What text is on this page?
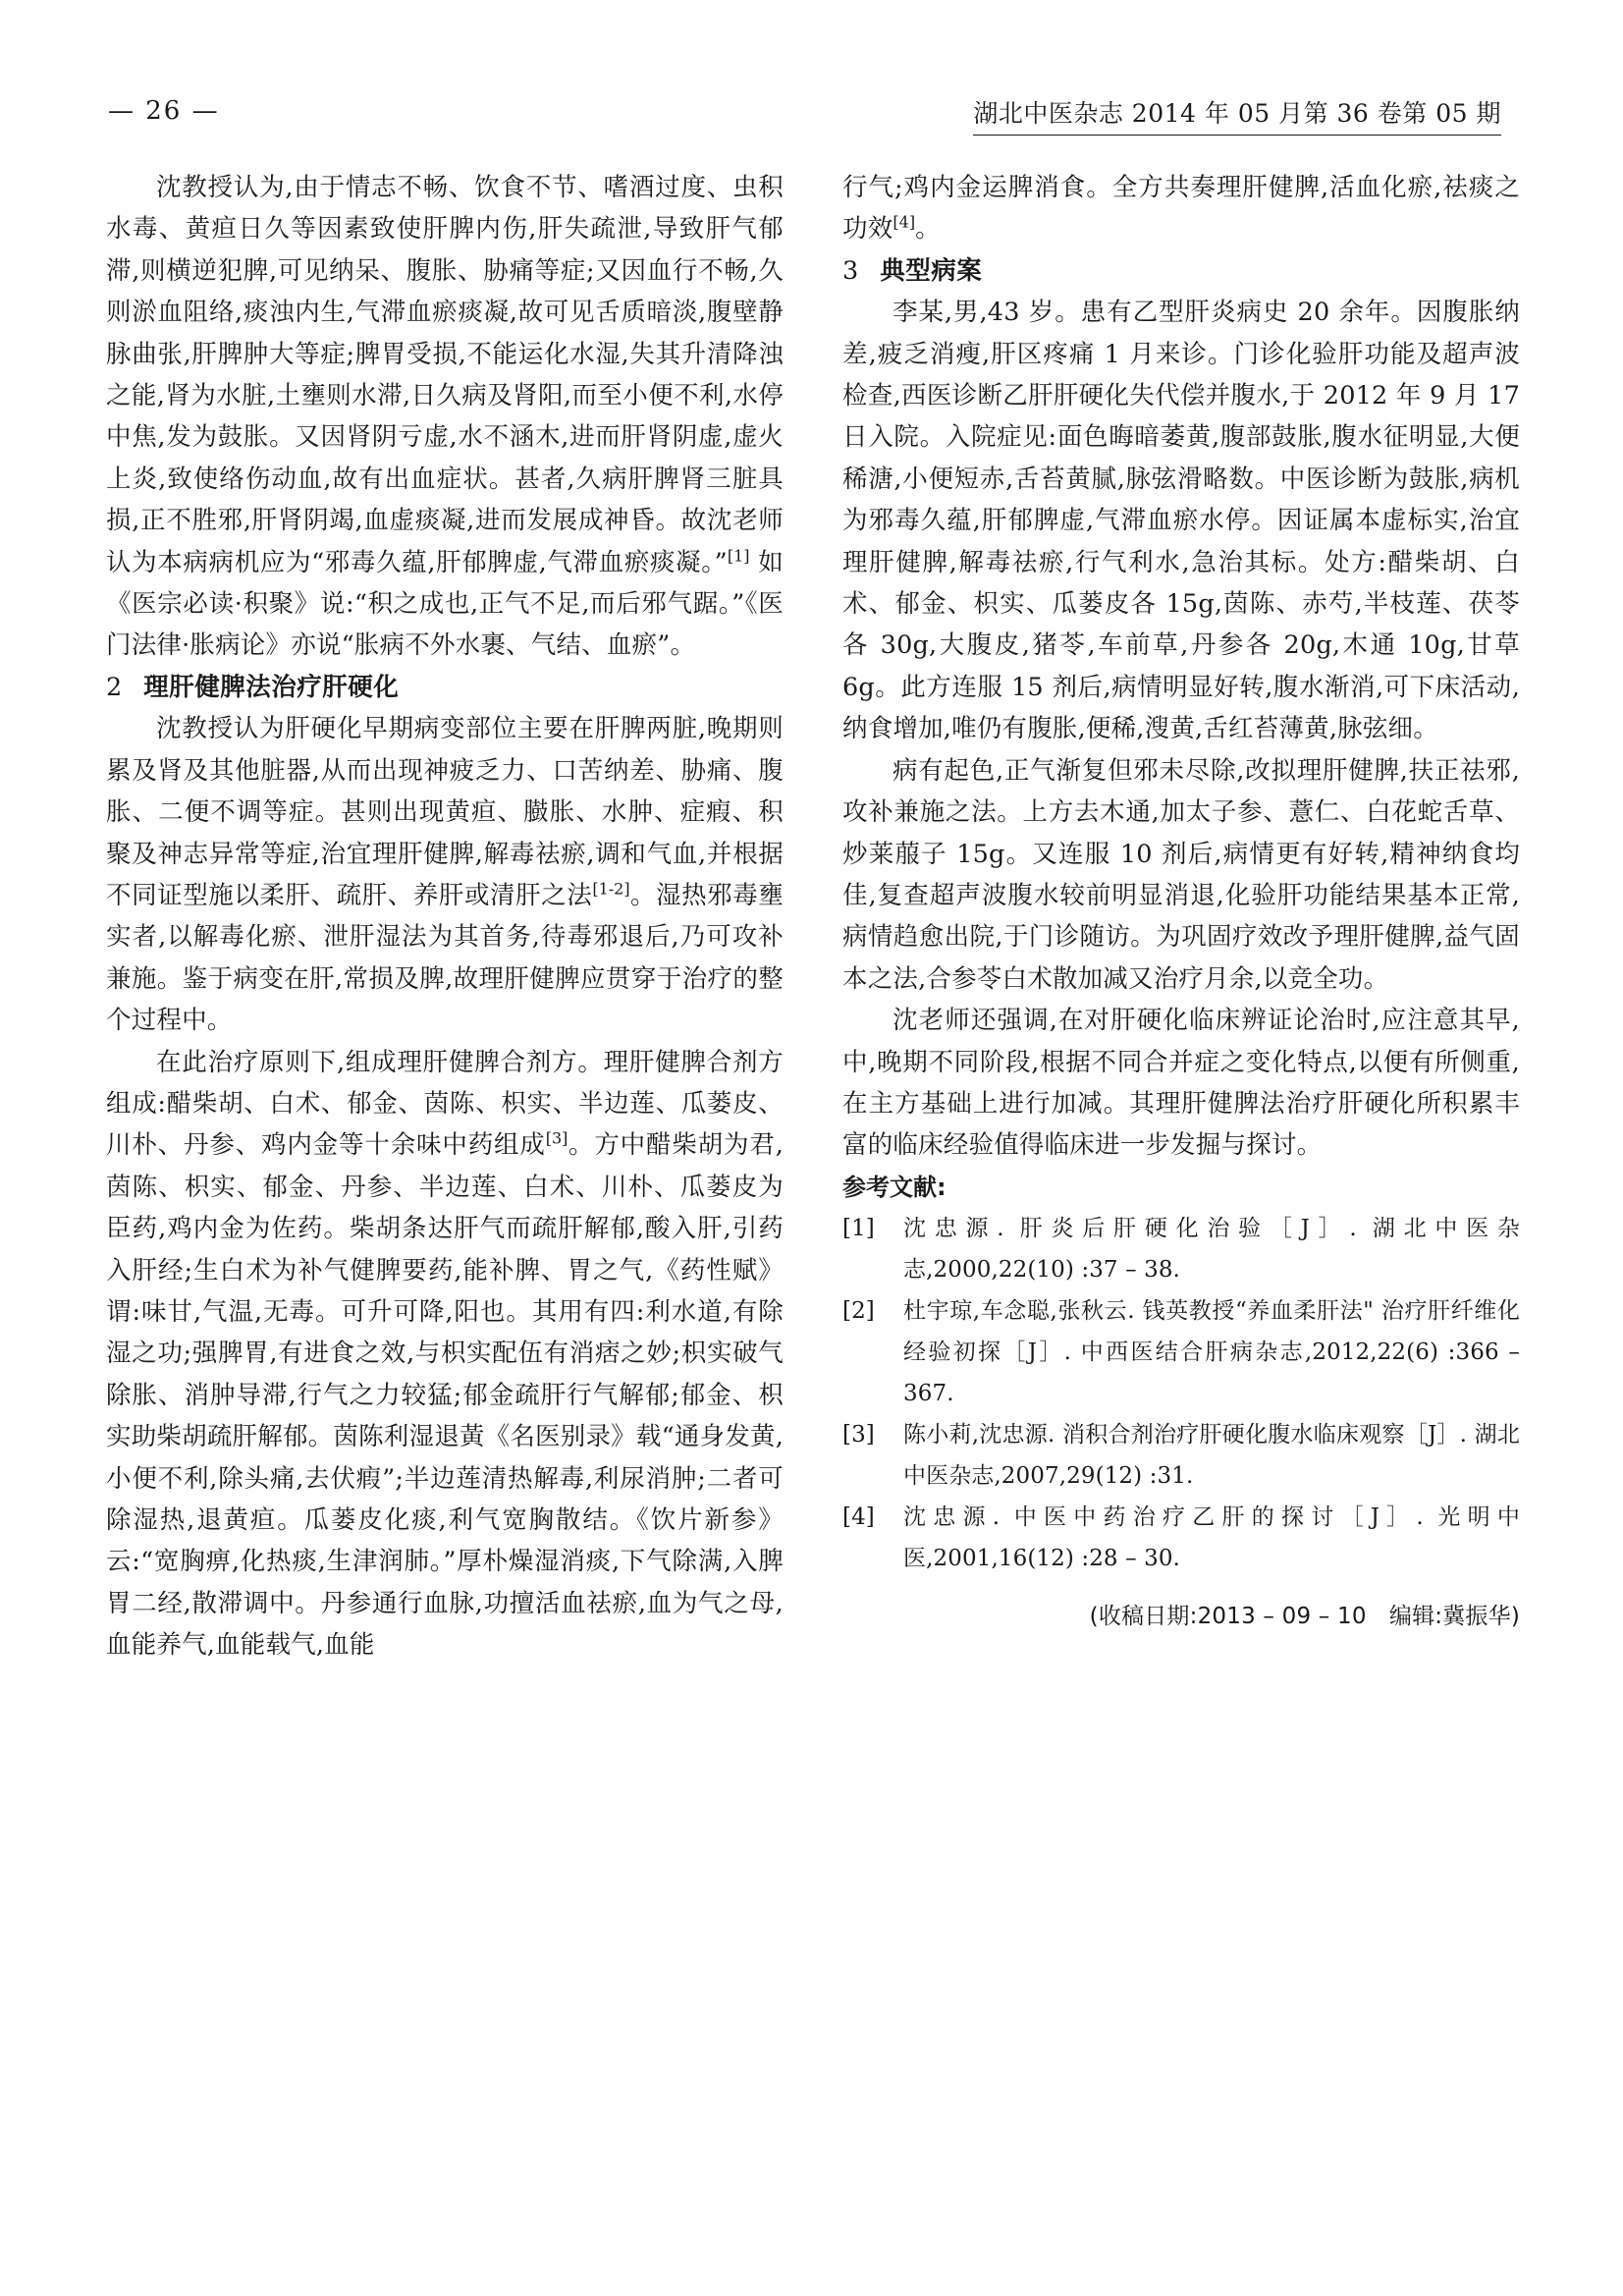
— 26 —	湖北中医杂志 2014 年 05 月第 36 卷第 05 期

沈教授认为,由于情志不畅、饮食不节、嗜酒过度、虫积水毒、黄疸日久等因素致使肝脾内伤,肝失疏泄,导致肝气郁滞,则横逆犯脾,可见纳呆、腹胀、胁痛等症;又因血行不畅,久则淤血阻络,痰浊内生,气滞血瘀痰凝,故可见舌质暗淡,腹壁静脉曲张,肝脾肿大等症;脾胃受损,不能运化水湿,失其升清降浊之能,肾为水脏,土壅则水滞,日久病及肾阳,而至小便不利,水停中焦,发为鼓胀。又因肾阴亏虚,水不涵木,进而肝肾阴虚,虚火上炎,致使络伤动血,故有出血症状。甚者,久病肝脾肾三脏具损,正不胜邪,肝肾阴竭,血虚痰凝,进而发展成神昏。故沈老师认为本病病机应为“邪毒久蕴,肝郁脾虚,气滞血瘀痰凝。”[1] 如《医宗必读·积聚》说:“积之成也,正气不足,而后邪气踞。”《医门法律·胀病论》亦说“胀病不外水裹、气结、血瘀”。

2 理肝健脾法治疗肝硬化

沈教授认为肝硬化早期病变部位主要在肝脾两脏,晚期则累及肾及其他脏器,从而出现神疲乏力、口苦纳差、胁痛、腹胀、二便不调等症。甚则出现黄疸、臌胀、水肿、症瘕、积聚及神志异常等症,治宜理肝健脾,解毒祛瘀,调和气血,并根据不同证型施以柔肝、疏肝、养肝或清肝之法[1-2]。湿热邪毒壅实者,以解毒化瘀、泄肝湿法为其首务,待毒邪退后,乃可攻补兼施。鉴于病变在肝,常损及脾,故理肝健脾应贯穿于治疗的整个过程中。

在此治疗原则下,组成理肝健脾合剂方。理肝健脾合剂方组成:醋柴胡、白术、郁金、茵陈、枳实、半边莲、瓜蒌皮、川朴、丹参、鸡内金等十余味中药组成[3]。方中醋柴胡为君,茵陈、枳实、郁金、丹参、半边莲、白术、川朴、瓜蒌皮为臣药,鸡内金为佐药。柴胡条达肝气而疏肝解郁,酸入肝,引药入肝经;生白术为补气健脾要药,能补脾、胃之气,《药性赋》谓:味甘,气温,无毒。可升可降,阳也。其用有四:利水道,有除湿之功;强脾胃,有进食之效,与枳实配伍有消痞之妙;枳实破气除胀、消肿导滞,行气之力较猛;郁金疏肝行气解郁;郁金、枳实助柴胡疏肝解郁。茵陈利湿退黃《名医别录》载“通身发黄,小便不利,除头痛,去伏瘕”;半边莲清热解毒,利尿消肿;二者可除湿热,退黄疸。瓜蒌皮化痰,利气宽胸散结。《饮片新参》云:“宽胸痹,化热痰,生津润肺。”厚朴燥湿消痰,下气除满,入脾胃二经,散滞调中。丹参通行血脉,功擅活血祛瘀,血为气之母,血能养气,血能载气,血能

行气;鸡内金运脾消食。全方共奏理肝健脾,活血化瘀,祛痰之功效[4]。

3 典型病案

李某,男,43 岁。患有乙型肝炎病史 20 余年。因腹胀纳差,疲乏消瘦,肝区疼痛 1 月来诊。门诊化验肝功能及超声波检查,西医诊断乙肝肝硬化失代偿并腹水,于 2012 年 9 月 17 日入院。入院症见:面色晦暗萎黄,腹部鼓胀,腹水征明显,大便稀溏,小便短赤,舌苔黄腻,脉弦滑略数。中医诊断为鼓胀,病机为邪毒久蕴,肝郁脾虚,气滞血瘀水停。因证属本虚标实,治宜理肝健脾,解毒祛瘀,行气利水,急治其标。处方:醋柴胡、白术、郁金、枳实、瓜蒌皮各 15g,茵陈、赤芍,半枝莲、茯苓各 30g,大腹皮,猪苓,车前草,丹参各 20g,木通 10g,甘草 6g。此方连服 15 剂后,病情明显好转,腹水渐消,可下床活动,纳食增加,唯仍有腹胀,便稀,溲黄,舌红苔薄黄,脉弦细。

病有起色,正气渐复但邪未尽除,改拟理肝健脾,扶正祛邪,攻补兼施之法。上方去木通,加太子参、薏仁、白花蛇舌草、炒莱菔子 15g。又连服 10 剂后,病情更有好转,精神纳食均佳,复查超声波腹水较前明显消退,化验肝功能结果基本正常,病情趋愈出院,于门诊随访。为巩固疗效改予理肝健脾,益气固本之法,合参苓白术散加减又治疗月余,以竞全功。

沈老师还强调,在对肝硬化临床辨证论治时,应注意其早,中,晚期不同阶段,根据不同合并症之变化特点,以便有所侧重,在主方基础上进行加减。其理肝健脾法治疗肝硬化所积累丰富的临床经验值得临床进一步发掘与探讨。

参考文献:
[1]	沈忠源. 肝炎后肝硬化治验［J］. 湖北中医杂志,2000,22(10) :37 – 38.
[2]	杜宇琼,车念聪,张秋云. 钱英教授“养血柔肝法" 治疗肝纤维化经验初探［J］. 中西医结合肝病杂志,2012,22(6) :366 – 367.
[3]	陈小莉,沈忠源. 消积合剂治疗肝硬化腹水临床观察［J］. 湖北中医杂志,2007,29(12) :31.
[4]	沈忠源. 中医中药治疗乙肝的探讨［J］. 光明中医,2001,16(12) :28 – 30.
(收稿日期:2013 – 09 – 10　编辑:冀振华)
